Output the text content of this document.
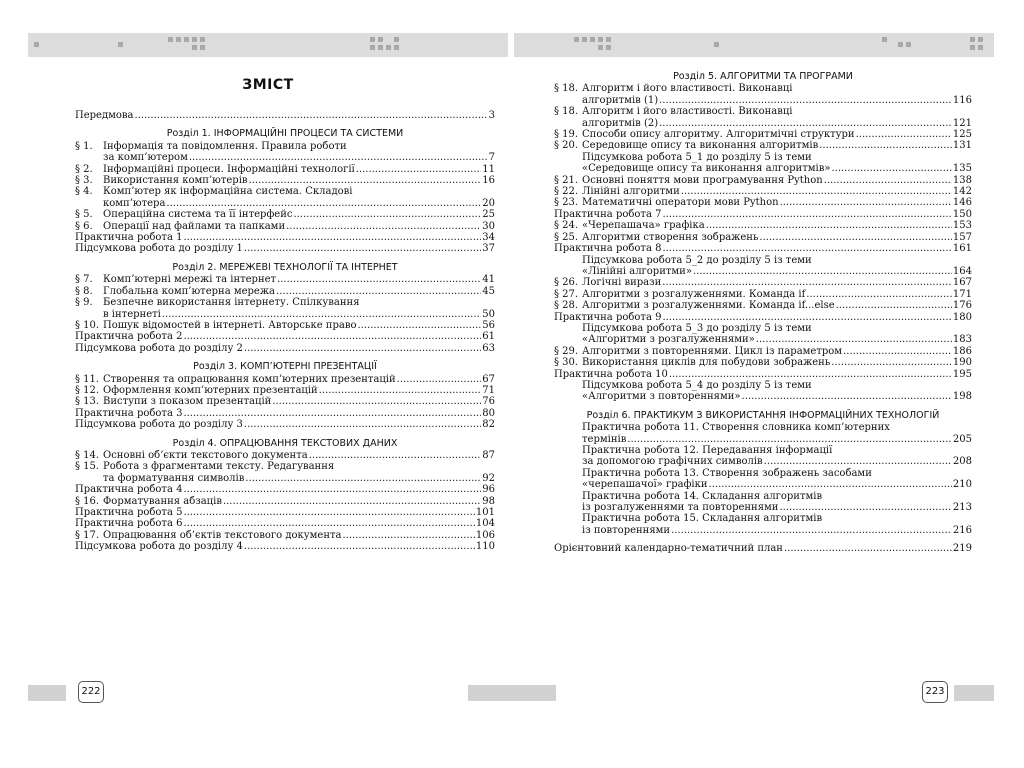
ЗМІСТ
Передмова .....	3
Розділ 1. ІНФОРМАЦІЙНІ ПРОЦЕСИ ТА СИСТЕМИ
§ 1. Інформація та повідомлення. Правила роботи
за комп’ютером .....	7
§ 2.	Інформаційні процеси. Інформаційні технології .....	11
§ 3.	Використання комп’ютерів .....	16
§ 4. Комп’ютер як інформаційна система. Складові
комп’ютера .....	20
§ 5.	Операційна система та її інтерфейс .....	25
§ 6.	Операції над файлами та папками .....	30
Практична робота 1 .....	34
Підсумкова робота до розділу 1 .....	37
Розділ 2. МЕРЕЖЕВІ ТЕХНОЛОГІЇ ТА ІНТЕРНЕТ
§ 7.	Комп’ютерні мережі та інтернет .....	41
§ 8.	Глобальна комп’ютерна мережа .....	45
§ 9. Безпечне використання інтернету. Спілкування
в інтернеті .....	50
§ 10. Пошук відомостей в інтернеті. Авторське право .....	56
Практична робота 2 .....	61
Підсумкова робота до розділу 2 .....	63
Розділ 3. КОМП’ЮТЕРНІ ПРЕЗЕНТАЦІЇ
§ 11. Створення та опрацювання комп’ютерних презентацій .....	67
§ 12. Оформлення комп’ютерних презентацій .....	71
§ 13. Виступи з показом презентацій .....	76
Практична робота 3 .....	80
Підсумкова робота до розділу 3 .....	82
Розділ 4. ОПРАЦЮВАННЯ ТЕКСТОВИХ ДАНИХ
§ 14. Основні об’єкти текстового документа .....	87
§ 15. Робота з фрагментами тексту. Редагування
та форматування символів .....	92
Практична робота 4 .....	96
§ 16. Форматування абзаців .....	98
Практична робота 5 .....	101
Практична робота 6 .....	104
§ 17. Опрацювання об’єктів текстового документа .....	106
Підсумкова робота до розділу 4 .....	110
222
Розділ 5. АЛГОРИТМИ ТА ПРОГРАМИ
§ 18. Алгоритм і його властивості. Виконавці
алгоритмів (1) .....	116
§ 18. Алгоритм і його властивості. Виконавці
алгоритмів (2) .....	121
§ 19. Способи опису алгоритму. Алгоритмічні структури .....	125
§ 20. Середовище опису та виконання алгоритмів .....	131
Підсумкова робота 5_1 до розділу 5 із теми
«Середовище опису та виконання алгоритмів» .....	135
§ 21. Основні поняття мови програмування Python .....	138
§ 22. Лінійні алгоритми .....	142
§ 23. Математичні оператори мови Python .....	146
Практична робота 7 .....	150
§ 24. «Черепашача» графіка .....	153
§ 25. Алгоритми створення зображень .....	157
Практична робота 8 .....	161
Підсумкова робота 5_2 до розділу 5 із теми
«Лінійні алгоритми» .....	164
§ 26. Логічні вирази .....	167
§ 27. Алгоритми з розгалуженнями. Команда if .....	171
§ 28. Алгоритми з розгалуженнями. Команда if...else .....	176
Практична робота 9 .....	180
Підсумкова робота 5_3 до розділу 5 із теми
«Алгоритми з розгалуженнями» .....	183
§ 29. Алгоритми з повтореннями. Цикл із параметром .....	186
§ 30. Використання циклів для побудови зображень .....	190
Практична робота 10 .....	195
Підсумкова робота 5_4 до розділу 5 із теми
«Алгоритми з повтореннями» .....	198
Розділ 6. ПРАКТИКУМ З ВИКОРИСТАННЯ ІНФОРМАЦІЙНИХ ТЕХНОЛОГІЙ
Практична робота 11. Створення словника комп’ютерних
термінів .....	205
Практична робота 12. Передавання інформації
за допомогою графічних символів .....	208
Практична робота 13. Створення зображень засобами
«черепашачої» графіки .....	210
Практична робота 14. Складання алгоритмів
із розгалуженнями та повтореннями .....	213
Практична робота 15. Складання алгоритмів
із повтореннями .....	216
Орієнтовний календарно-тематичний план .....	219
223
